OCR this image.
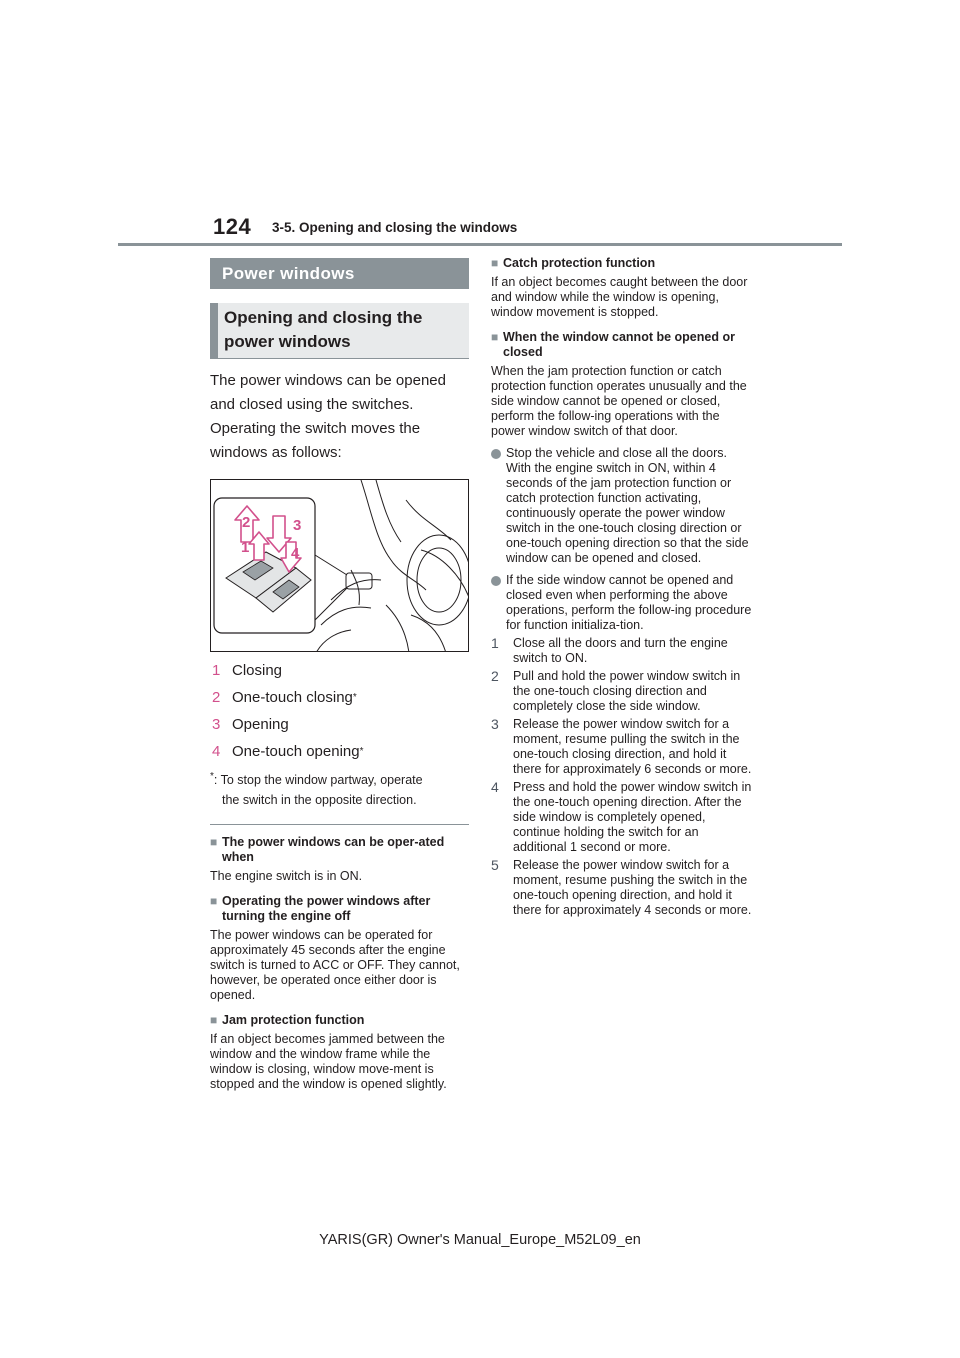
124 3-5. Opening and closing the windows
Power windows
Opening and closing the
power windows

The power windows can be opened and closed using the switches. Operating the switch moves the windows as follows:

1
2	3
4
1 Closing
2 One-touch closing *
3 Opening
4 One-touch opening *
*: To stop the window partway, operate
the switch in the opposite direction.
■ The power windows can be oper-ated when

The engine switch is in ON.

■ Operating the power windows after turning the engine off

The power windows can be operated for approximately 45 seconds after the engine switch is turned to ACC or OFF. They cannot, however, be operated once either door is opened.

■ Jam protection function

If an object becomes jammed between the window and the window frame while the window is closing, window move-ment is stopped and the window is opened slightly.

■ Catch protection function

If an object becomes caught between the door and window while the window is opening, window movement is stopped.

■ When the window cannot be opened or closed

When the jam protection function or catch protection function operates unusually and the side window cannot be opened or closed, perform the follow-ing operations with the power window switch of that door.

Stop the vehicle and close all the doors. With the engine switch in ON, within 4 seconds of the jam protection function or catch protection function activating, continuously operate the power window switch in the one-touch closing direction or one-touch opening direction so that the side window can be opened and closed.
If the side window cannot be opened and closed even when performing the above operations, perform the follow-ing procedure for function initializa-tion.
1	Close all the doors and turn the engine switch to ON.
2	Pull and hold the power window switch in the one-touch closing direction and completely close the side window.
3	Release the power window switch for a moment, resume pulling the switch in the one-touch closing direction, and hold it there for approximately 6 seconds or more.
4	Press and hold the power window switch in the one-touch opening direction. After the side window is completely opened, continue holding the switch for an additional 1 second or more.
5	Release the power window switch for a moment, resume pushing the switch in the one-touch opening direction, and hold it there for approximately 4 seconds or more.
YARIS(GR) Owner's Manual_Europe_M52L09_en
